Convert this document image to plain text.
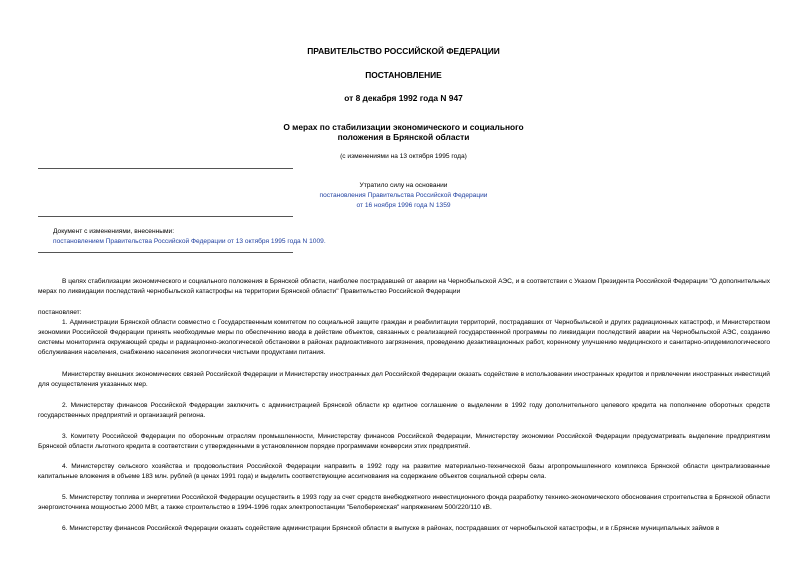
ПРАВИТЕЛЬСТВО РОССИЙСКОЙ ФЕДЕРАЦИИ
ПОСТАНОВЛЕНИЕ
от 8 декабря 1992 года N 947
О мерах по стабилизации экономического и социального
положения в Брянской области
(с изменениями на 13 октября 1995 года)
Утратило силу на основании
постановления Правительства Российской Федерации
от 16 ноября 1996 года N 1359
Документ с изменениями, внесенными:
постановлением Правительства Российской Федерации от 13 октября 1995 года N 1009.
В целях стабилизации экономического и социального положения в Брянской области, наиболее пострадавшей от аварии на Чернобыльской АЭС, и в соответствии с Указом Президента Российской Федерации "О дополнительных мерах по ликвидации последствий чернобыльской катастрофы на территории Брянской области" Правительство Российской Федерации
постановляет:
1. Администрации Брянской области совместно с Государственным комитетом по социальной защите граждан и реабилитации территорий, пострадавших от Чернобыльской и других радиационных катастроф, и Министерством экономики Российской Федерации принять необходимые меры по обеспечению ввода в действие объектов, связанных с реализацией государственной программы по ликвидации последствий аварии на Чернобыльской АЭС, созданию системы мониторинга окружающей среды и радиационно-экологической обстановки в районах радиоактивного загрязнения, проведению дезактивационных работ, коренному улучшению медицинского и санитарно-эпидемиологического обслуживания населения, снабжению населения экологически чистыми продуктами питания.
Министерству внешних экономических связей Российской Федерации и Министерству иностранных дел Российской Федерации оказать содействие в использовании иностранных кредитов и привлечении иностранных инвестиций для осуществления указанных мер.
2. Министерству финансов Российской Федерации заключить с администрацией Брянской области кр едитное соглашение о выделении в 1992 году дополнительного целевого кредита на пополнение оборотных средств государственных предприятий и организаций региона.
3. Комитету Российской Федерации по оборонным отраслям промышленности, Министерству финансов Российской Федерации, Министерству экономики Российской Федерации предусматривать выделение предприятиям Брянской области льготного кредита в соответствии с утвержденными в установленном порядке программами конверсии этих предприятий.
4. Министерству сельского хозяйства и продовольствия Российской Федерации направить в 1992 году на развитие материально-технической базы агропромышленного комплекса Брянской области централизованные капитальные вложения в объеме 183 млн. рублей (в ценах 1991 года) и выделить соответствующие ассигнования на содержание объектов социальной сферы села.
5. Министерству топлива и энергетики Российской Федерации осуществить в 1993 году за счет средств внебюджетного инвестиционного фонда разработку технико-экономического обоснования строительства в Брянской области энергоисточника мощностью 2000 МВт, а также строительство в 1994-1996 годах электропостанции "Белобережская" напряжением 500/220/110 кВ.
6. Министерству финансов Российской Федерации оказать содействие администрации Брянской области в выпуске в районах, пострадавших от чернобыльской катастрофы, и в г.Брянске муниципальных займов в
